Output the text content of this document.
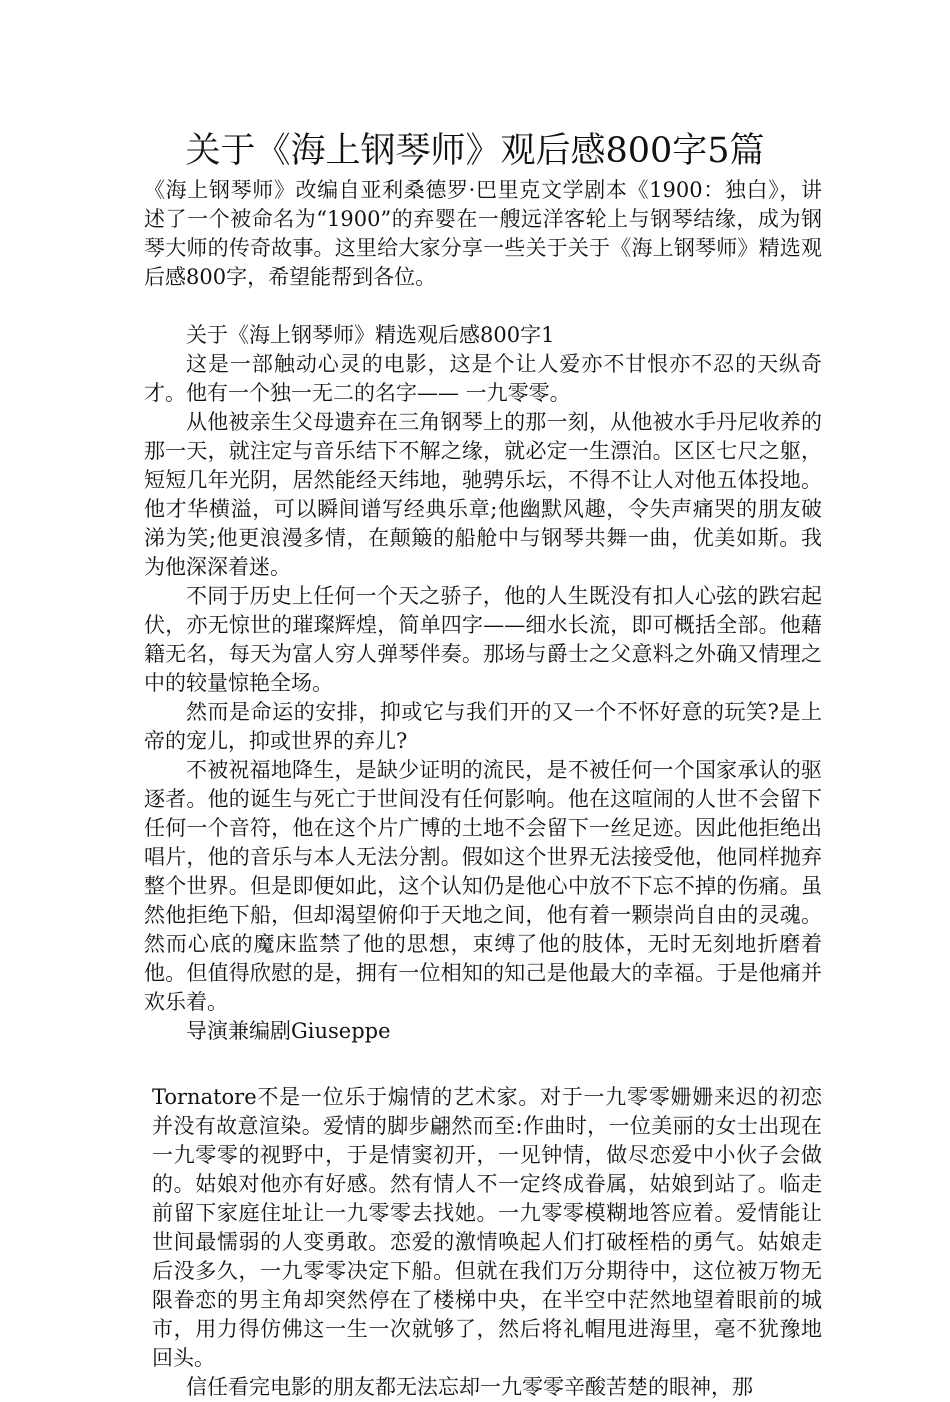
关于《海上钢琴师》观后感800字5篇

《海上钢琴师》改编自亚利桑德罗·巴里克文学剧本《1900：独白》，讲述了一个被命名为“1900”的弃婴在一艘远洋客轮上与钢琴结缘，成为钢琴大师的传奇故事。这里给大家分享一些关于关于《海上钢琴师》精选观后感800字，希望能帮到各位。

关于《海上钢琴师》精选观后感800字1

这是一部触动心灵的电影，这是个让人爱亦不甘恨亦不忍的天纵奇才。他有一个独一无二的名字—— 一九零零。

从他被亲生父母遗弃在三角钢琴上的那一刻，从他被水手丹尼收养的那一天，就注定与音乐结下不解之缘，就必定一生漂泊。区区七尺之躯，短短几年光阴，居然能经天纬地，驰骋乐坛，不得不让人对他五体投地。他才华横溢，可以瞬间谱写经典乐章;他幽默风趣，令失声痛哭的朋友破涕为笑;他更浪漫多情，在颠簸的船舱中与钢琴共舞一曲，优美如斯。我为他深深着迷。

不同于历史上任何一个天之骄子，他的人生既没有扣人心弦的跌宕起伏，亦无惊世的璀璨辉煌，简单四字——细水长流，即可概括全部。他藉籍无名，每天为富人穷人弹琴伴奏。那场与爵士之父意料之外确又情理之中的较量惊艳全场。

然而是命运的安排，抑或它与我们开的又一个不怀好意的玩笑?是上帝的宠儿，抑或世界的弃儿?

不被祝福地降生，是缺少证明的流民，是不被任何一个国家承认的驱逐者。他的诞生与死亡于世间没有任何影响。他在这喧闹的人世不会留下任何一个音符，他在这个片广博的土地不会留下一丝足迹。因此他拒绝出唱片，他的音乐与本人无法分割。假如这个世界无法接受他，他同样抛弃整个世界。但是即便如此，这个认知仍是他心中放不下忘不掉的伤痛。虽然他拒绝下船，但却渴望俯仰于天地之间，他有着一颗崇尚自由的灵魂。然而心底的魔床监禁了他的思想，束缚了他的肢体，无时无刻地折磨着他。但值得欣慰的是，拥有一位相知的知己是他最大的幸福。于是他痛并欢乐着。

导演兼编剧Giuseppe

Tornatore不是一位乐于煽情的艺术家。对于一九零零姗姗来迟的初恋并没有故意渲染。爱情的脚步翩然而至:作曲时，一位美丽的女士出现在一九零零的视野中，于是情窦初开，一见钟情，做尽恋爱中小伙子会做的。姑娘对他亦有好感。然有情人不一定终成眷属，姑娘到站了。临走前留下家庭住址让一九零零去找她。一九零零模糊地答应着。爱情能让世间最懦弱的人变勇敢。恋爱的激情唤起人们打破桎梏的勇气。姑娘走后没多久，一九零零决定下船。但就在我们万分期待中，这位被万物无限眷恋的男主角却突然停在了楼梯中央，在半空中茫然地望着眼前的城市，用力得仿佛这一生一次就够了，然后将礼帽甩进海里，毫不犹豫地回头。

信任看完电影的朋友都无法忘却一九零零辛酸苦楚的眼神，那
